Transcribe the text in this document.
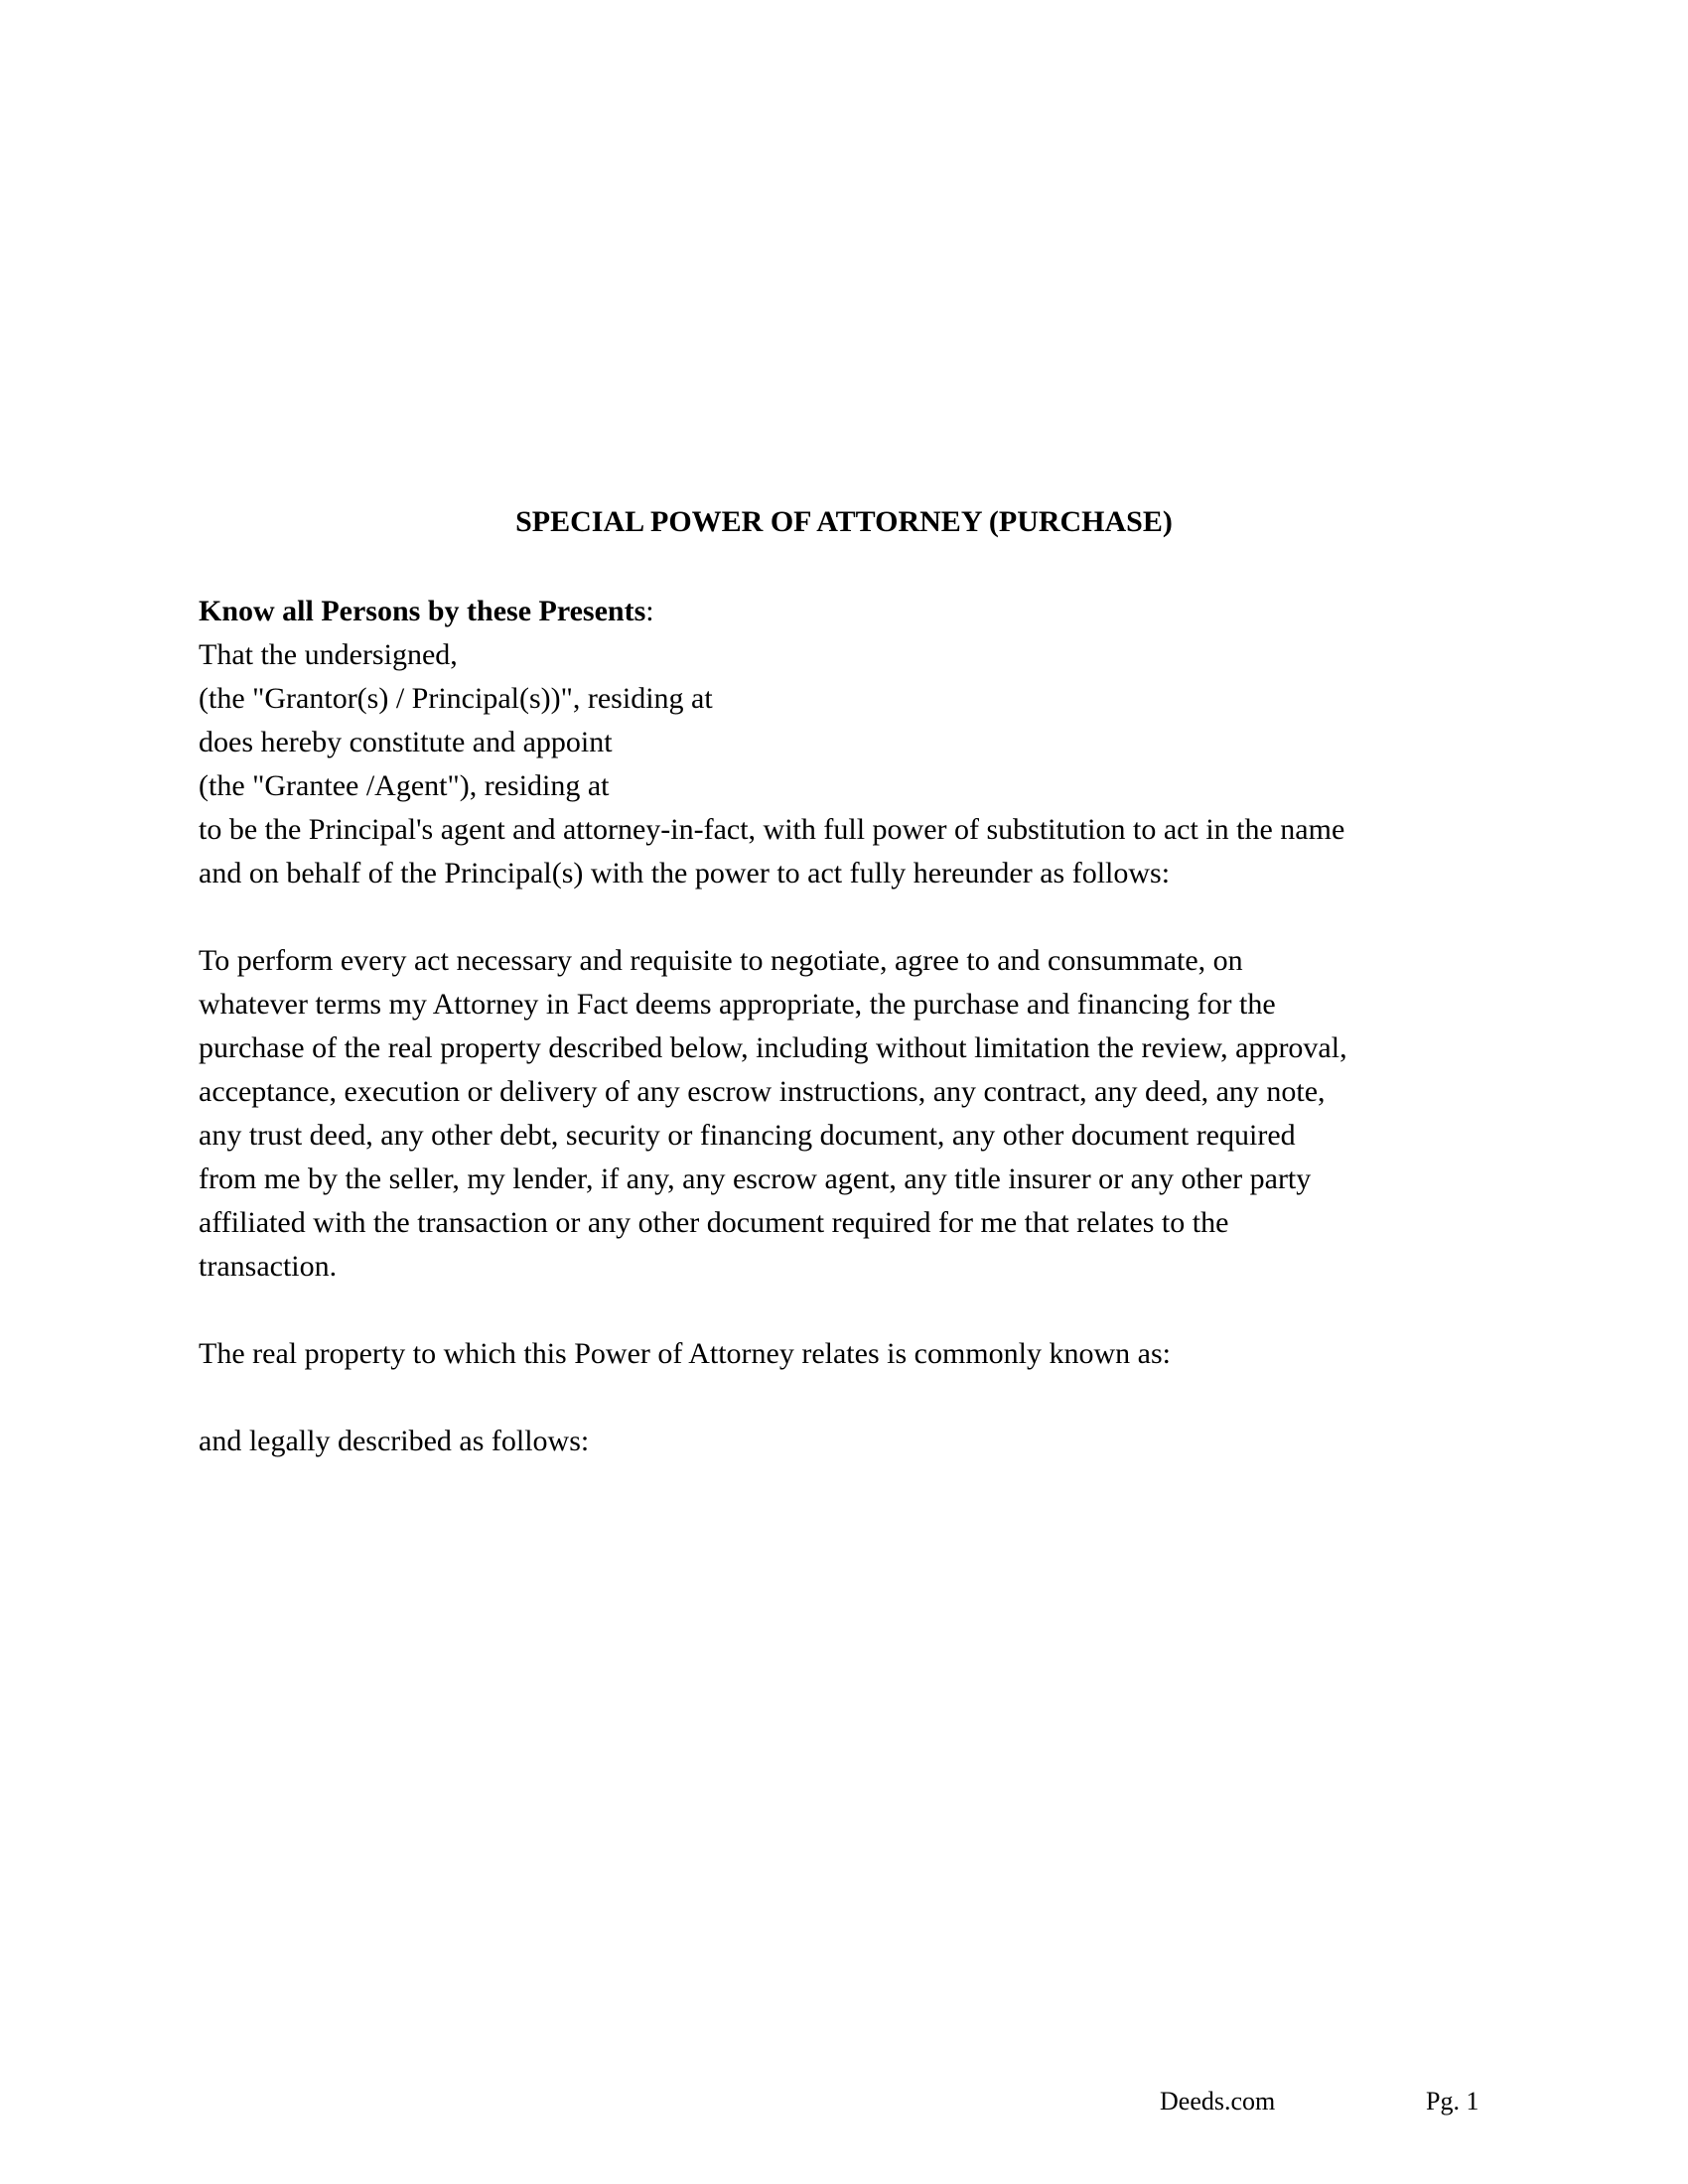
SPECIAL POWER OF ATTORNEY (PURCHASE)
Know all Persons by these Presents:
That the undersigned,
(the "Grantor(s) / Principal(s))", residing at
does hereby constitute and appoint
(the "Grantee /Agent"), residing at
to be the Principal's agent and attorney-in-fact, with full power of substitution to act in the name
and on behalf of the Principal(s) with the power to act fully hereunder as follows:
To perform every act necessary and requisite to negotiate, agree to and consummate, on
whatever terms my Attorney in Fact deems appropriate, the purchase and financing for the
purchase of the real property described below, including without limitation the review, approval,
acceptance, execution or delivery of any escrow instructions, any contract, any deed, any note,
any trust deed, any other debt, security or financing document, any other document required
from me by the seller, my lender, if any, any escrow agent, any title insurer or any other party
affiliated with the transaction or any other document required for me that relates to the
transaction.

The real property to which this Power of Attorney relates is commonly known as:

and legally described as follows:

Deeds.com	Pg. 1
